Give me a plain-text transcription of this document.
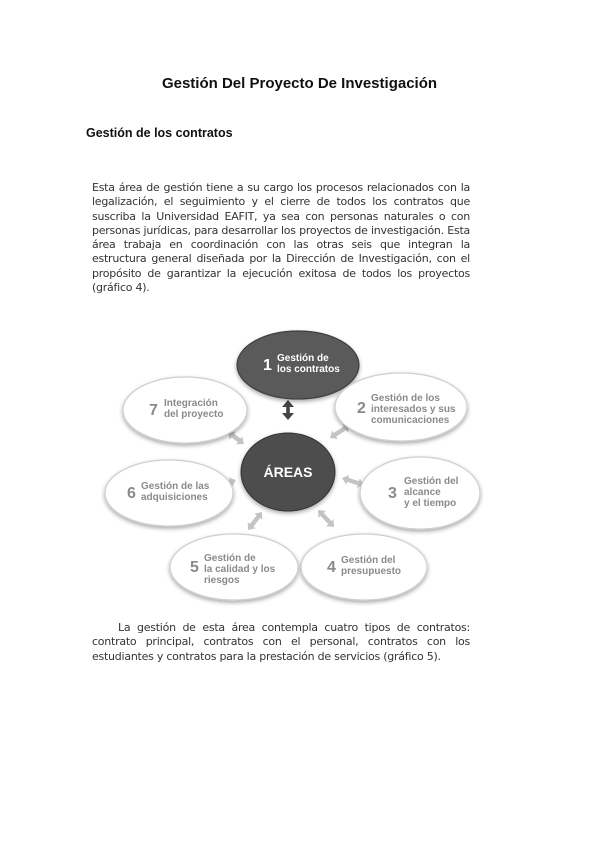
Gestión Del Proyecto De Investigación
Gestión de los contratos
Esta área de gestión tiene a su cargo los procesos relacionados con la legalización, el seguimiento y el cierre de todos los contratos que suscriba la Universidad EAFIT, ya sea con personas naturales o con personas jurídicas, para desarrollar los proyectos de investigación. Esta área trabaja en coordinación con las otras seis que integran la estructura general diseñada por la Dirección de Investigación, con el propósito de garantizar la ejecución exitosa de todos los proyectos (gráfico 4).
1 Gestión de
los contratos
2
Gestión de los
interesados y sus
comunicaciones
3
Gestión del
alcance
y el tiempo
4 Gestión del
presupuesto
5
Gestión de
la calidad y los
riesgos
6 Gestión de las
adquisiciones
7 Integración
del proyecto
ÁREAS
La gestión de esta área contempla cuatro tipos de contratos: contrato principal, contratos con el personal, contratos con los estudiantes y contratos para la prestación de servicios (gráfico 5).
